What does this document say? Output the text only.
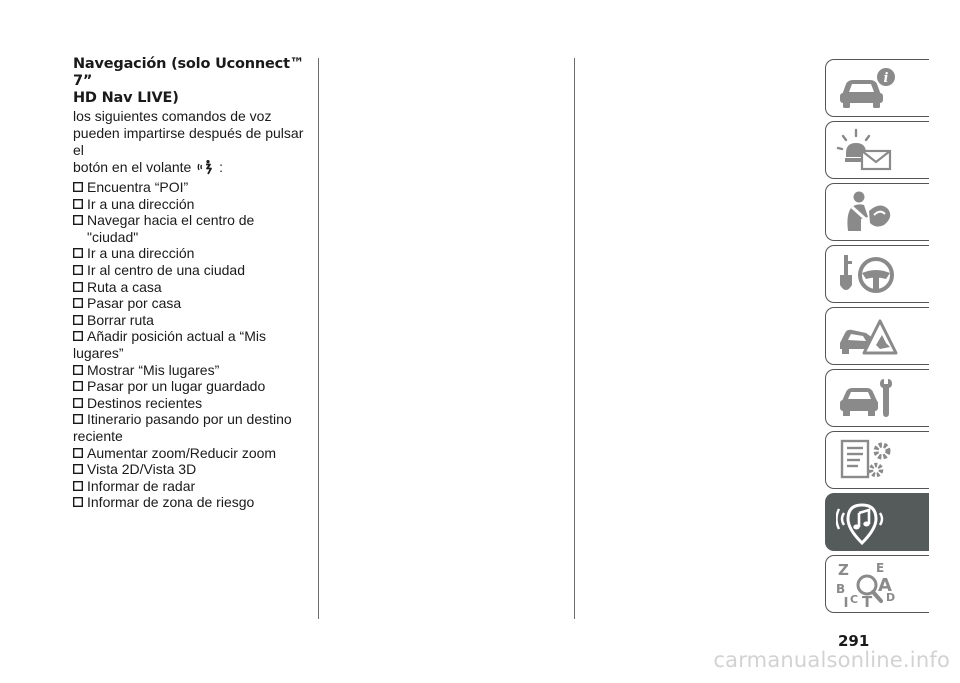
Navegación (solo Uconnect™ 7”
HD Nav LIVE)
los siguientes comandos de voz
pueden impartirse después de pulsar el
botón en el volante :
Encuentra “POI”
Ir a una dirección
Navegar hacia el centro de "ciudad"
Ir a una dirección
Ir al centro de una ciudad
Ruta a casa
Pasar por casa
Borrar ruta
Añadir posición actual a “Mis
lugares”
Mostrar “Mis lugares”
Pasar por un lugar guardado
Destinos recientes
Itinerario pasando por un destino
reciente
Aumentar zoom/Reducir zoom
Vista 2D/Vista 3D
Informar de radar
Informar de zona de riesgo
i
Z E
B A
C T D
291
carmanualsonline.info
